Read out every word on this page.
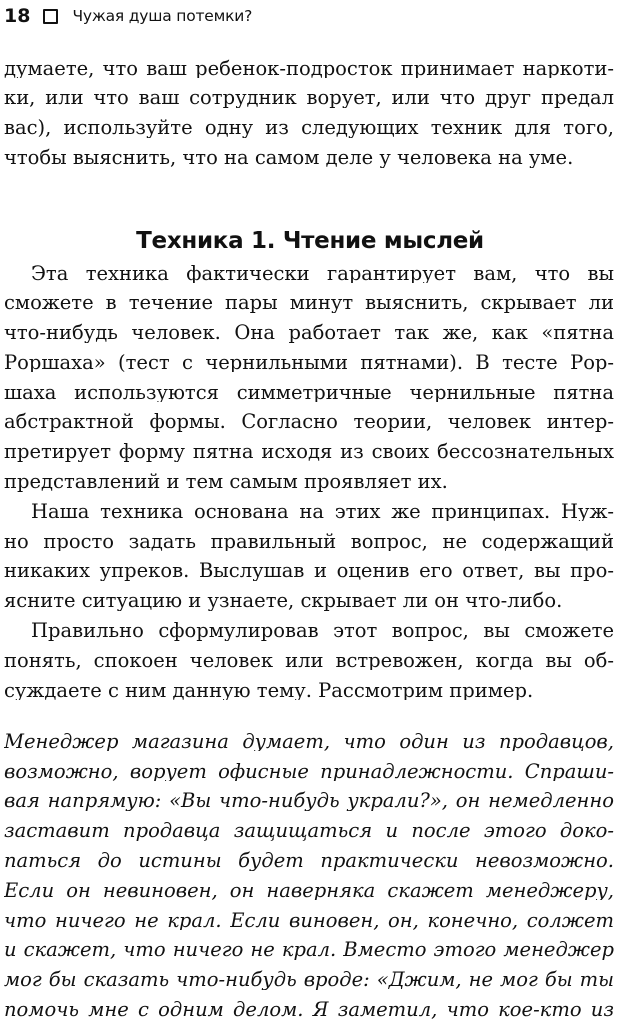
18	Чужая душа потемки?
думаете, что ваш ребенок-подросток принимает наркоти-
ки, или что ваш сотрудник ворует, или что друг предал
вас), используйте одну из следующих техник для того,
чтобы выяснить, что на самом деле у человека на уме.
Техника 1. Чтение мыслей
Эта техника фактически гарантирует вам, что вы
сможете в течение пары минут выяснить, скрывает ли
что-нибудь человек. Она работает так же, как «пятна
Роршаха» (тест с чернильными пятнами). В тесте Рор-
шаха используются симметричные чернильные пятна
абстрактной формы. Согласно теории, человек интер-
претирует форму пятна исходя из своих бессознательных
представлений и тем самым проявляет их.
Наша техника основана на этих же принципах. Нуж-
но просто задать правильный вопрос, не содержащий
никаких упреков. Выслушав и оценив его ответ, вы про-
ясните ситуацию и узнаете, скрывает ли он что-либо.
Правильно сформулировав этот вопрос, вы сможете
понять, спокоен человек или встревожен, когда вы об-
суждаете с ним данную тему. Рассмотрим пример.
Менеджер магазина думает, что один из продавцов,
возможно, ворует офисные принадлежности. Спраши-
вая напрямую: «Вы что-нибудь украли?», он немедленно
заставит продавца защищаться и после этого доко-
паться до истины будет практически невозможно.
Если он невиновен, он наверняка скажет менеджеру,
что ничего не крал. Если виновен, он, конечно, солжет
и скажет, что ничего не крал. Вместо этого менеджер
мог бы сказать что-нибудь вроде: «Джим, не мог бы ты
помочь мне с одним делом. Я заметил, что кое-кто из
